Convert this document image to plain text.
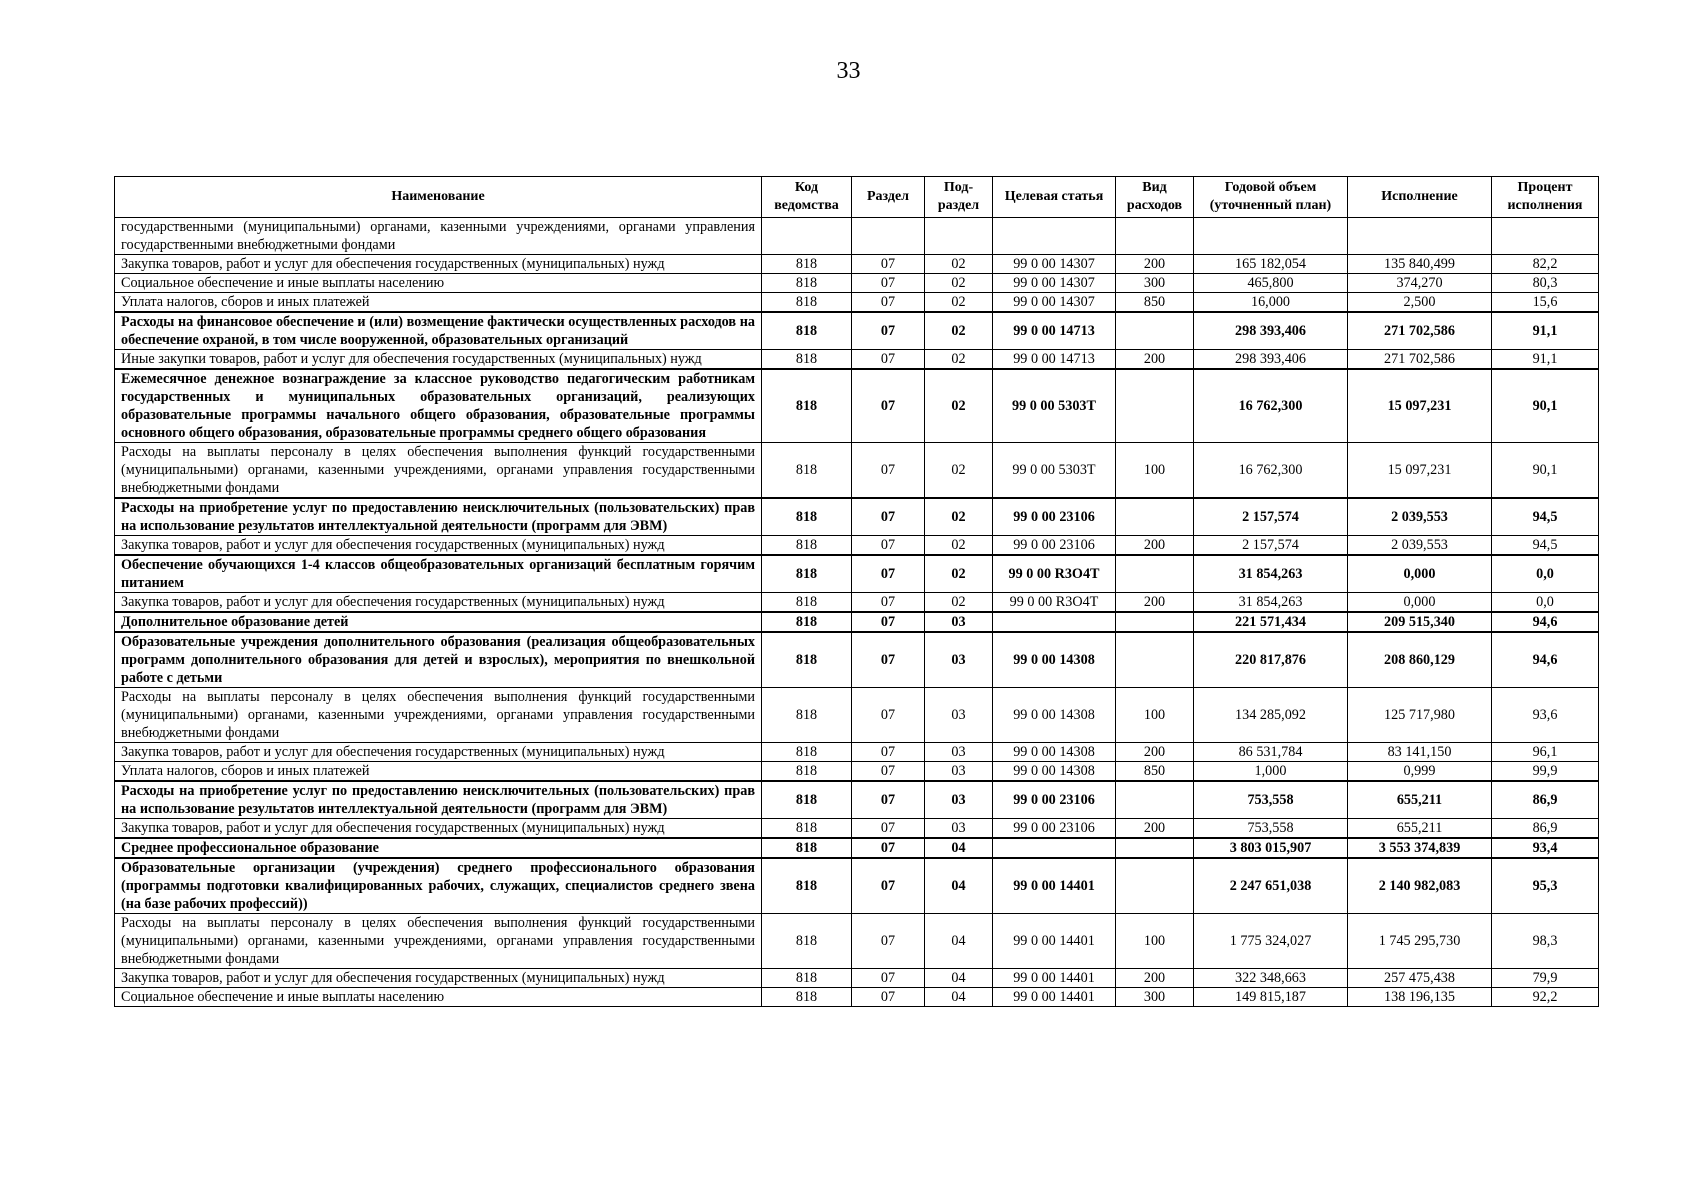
33
Наименование	Код ведомства	Раздел	Под-раздел	Целевая статья	Вид расходов	Годовой объем (уточненный план)	Исполнение	Процент исполнения
государственными (муниципальными) органами, казенными учреждениями, органами управления государственными внебюджетными фондами								
Закупка товаров, работ и услуг для обеспечения государственных (муниципальных) нужд	818	07	02	99 0 00 14307	200	165 182,054	135 840,499	82,2
Социальное обеспечение и иные выплаты населению	818	07	02	99 0 00 14307	300	465,800	374,270	80,3
Уплата налогов, сборов и иных платежей	818	07	02	99 0 00 14307	850	16,000	2,500	15,6
Расходы на финансовое обеспечение и (или) возмещение фактически осуществленных расходов на обеспечение охраной, в том числе вооруженной, образовательных организаций	818	07	02	99 0 00 14713		298 393,406	271 702,586	91,1
Иные закупки товаров, работ и услуг для обеспечения государственных (муниципальных) нужд	818	07	02	99 0 00 14713	200	298 393,406	271 702,586	91,1
Ежемесячное денежное вознаграждение за классное руководство педагогическим работникам государственных и муниципальных образовательных организаций, реализующих образовательные программы начального общего образования, образовательные программы основного общего образования, образовательные программы среднего общего образования	818	07	02	99 0 00 5303Т		16 762,300	15 097,231	90,1
Расходы на выплаты персоналу в целях обеспечения выполнения функций государственными (муниципальными) органами, казенными учреждениями, органами управления государственными внебюджетными фондами	818	07	02	99 0 00 5303Т	100	16 762,300	15 097,231	90,1
Расходы на приобретение услуг по предоставлению неисключительных (пользовательских) прав на использование результатов интеллектуальной деятельности (программ для ЭВМ)	818	07	02	99 0 00 23106		2 157,574	2 039,553	94,5
Закупка товаров, работ и услуг для обеспечения государственных (муниципальных) нужд	818	07	02	99 0 00 23106	200	2 157,574	2 039,553	94,5
Обеспечение обучающихся 1-4 классов общеобразовательных организаций бесплатным горячим питанием	818	07	02	99 0 00 R3О4Т		31 854,263	0,000	0,0
Закупка товаров, работ и услуг для обеспечения государственных (муниципальных) нужд	818	07	02	99 0 00 R3О4Т	200	31 854,263	0,000	0,0
Дополнительное образование детей	818	07	03			221 571,434	209 515,340	94,6
Образовательные учреждения дополнительного образования (реализация общеобразовательных программ дополнительного образования для детей и взрослых), мероприятия по внешкольной работе с детьми	818	07	03	99 0 00 14308		220 817,876	208 860,129	94,6
Расходы на выплаты персоналу в целях обеспечения выполнения функций государственными (муниципальными) органами, казенными учреждениями, органами управления государственными внебюджетными фондами	818	07	03	99 0 00 14308	100	134 285,092	125 717,980	93,6
Закупка товаров, работ и услуг для обеспечения государственных (муниципальных) нужд	818	07	03	99 0 00 14308	200	86 531,784	83 141,150	96,1
Уплата налогов, сборов и иных платежей	818	07	03	99 0 00 14308	850	1,000	0,999	99,9
Расходы на приобретение услуг по предоставлению неисключительных (пользовательских) прав на использование результатов интеллектуальной деятельности (программ для ЭВМ)	818	07	03	99 0 00 23106		753,558	655,211	86,9
Закупка товаров, работ и услуг для обеспечения государственных (муниципальных) нужд	818	07	03	99 0 00 23106	200	753,558	655,211	86,9
Среднее профессиональное образование	818	07	04			3 803 015,907	3 553 374,839	93,4
Образовательные организации (учреждения) среднего профессионального образования (программы подготовки квалифицированных рабочих, служащих, специалистов среднего звена (на базе рабочих профессий))	818	07	04	99 0 00 14401		2 247 651,038	2 140 982,083	95,3
Расходы на выплаты персоналу в целях обеспечения выполнения функций государственными (муниципальными) органами, казенными учреждениями, органами управления государственными внебюджетными фондами	818	07	04	99 0 00 14401	100	1 775 324,027	1 745 295,730	98,3
Закупка товаров, работ и услуг для обеспечения государственных (муниципальных) нужд	818	07	04	99 0 00 14401	200	322 348,663	257 475,438	79,9
Социальное обеспечение и иные выплаты населению	818	07	04	99 0 00 14401	300	149 815,187	138 196,135	92,2
